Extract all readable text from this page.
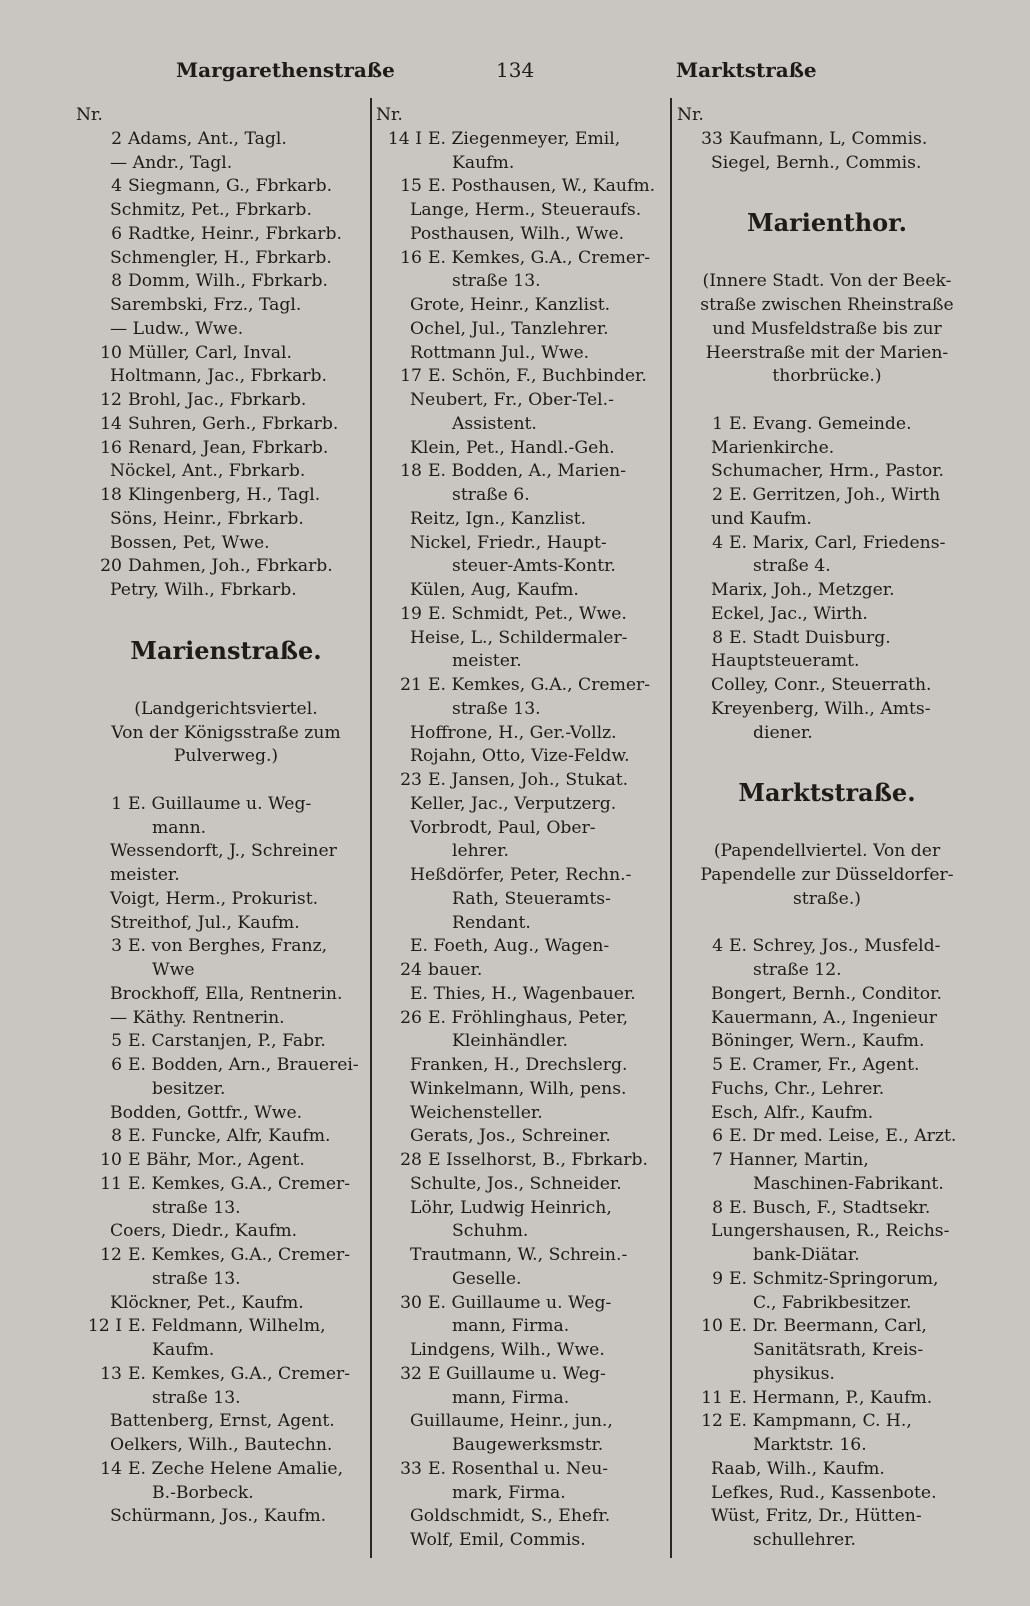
Margarethenstraße	134	Marktstraße
Nr.
2 Adams, Ant., Tagl.
— Andr., Tagl.
4 Siegmann, G., Fbrkarb.
Schmitz, Pet., Fbrkarb.
6 Radtke, Heinr., Fbrkarb.
Schmengler, H., Fbrkarb.
8 Domm, Wilh., Fbrkarb.
Sarembski, Frz., Tagl.
— Ludw., Wwe.
10 Müller, Carl, Inval.
Holtmann, Jac., Fbrkarb.
12 Brohl, Jac., Fbrkarb.
14 Suhren, Gerh., Fbrkarb.
16 Renard, Jean, Fbrkarb.
Nöckel, Ant., Fbrkarb.
18 Klingenberg, H., Tagl.
Söns, Heinr., Fbrkarb.
Bossen, Pet, Wwe.
20 Dahmen, Joh., Fbrkarb.
Petry, Wilh., Fbrkarb.
Marienstraße.
(Landgerichtsviertel.
Von der Königsstraße zum
Pulverweg.)
1 E. Guillaume u. Weg-
mann.
Wessendorft, J., Schreiner
meister.
Voigt, Herm., Prokurist.
Streithof, Jul., Kaufm.
3 E. von Berghes, Franz,
Wwe
Brockhoff, Ella, Rentnerin.
— Käthy. Rentnerin.
5 E. Carstanjen, P., Fabr.
6 E. Bodden, Arn., Brauerei-
besitzer.
Bodden, Gottfr., Wwe.
8 E. Funcke, Alfr, Kaufm.
10 E Bähr, Mor., Agent.
11 E. Kemkes, G.A., Cremer-
straße 13.
Coers, Diedr., Kaufm.
12 E. Kemkes, G.A., Cremer-
straße 13.
Klöckner, Pet., Kaufm.
12 I E. Feldmann, Wilhelm,
Kaufm.
13 E. Kemkes, G.A., Cremer-
straße 13.
Battenberg, Ernst, Agent.
Oelkers, Wilh., Bautechn.
14 E. Zeche Helene Amalie,
B.-Borbeck.
Schürmann, Jos., Kaufm.
Nr.
14 I E. Ziegenmeyer, Emil,
Kaufm.
15 E. Posthausen, W., Kaufm.
Lange, Herm., Steueraufs.
Posthausen, Wilh., Wwe.
16 E. Kemkes, G.A., Cremer-
straße 13.
Grote, Heinr., Kanzlist.
Ochel, Jul., Tanzlehrer.
Rottmann Jul., Wwe.
17 E. Schön, F., Buchbinder.
Neubert, Fr., Ober-Tel.-
Assistent.
Klein, Pet., Handl.-Geh.
18 E. Bodden, A., Marien-
straße 6.
Reitz, Ign., Kanzlist.
Nickel, Friedr., Haupt-
steuer-Amts-Kontr.
Külen, Aug, Kaufm.
19 E. Schmidt, Pet., Wwe.
Heise, L., Schildermaler-
meister.
21 E. Kemkes, G.A., Cremer-
straße 13.
Hoffrone, H., Ger.-Vollz.
Rojahn, Otto, Vize-Feldw.
23 E. Jansen, Joh., Stukat.
Keller, Jac., Verputzerg.
Vorbrodt, Paul, Ober-
lehrer.
Heßdörfer, Peter, Rechn.-
Rath, Steueramts-
Rendant.
E. Foeth, Aug., Wagen-
24 bauer.
E. Thies, H., Wagenbauer.
26 E. Fröhlinghaus, Peter,
Kleinhändler.
Franken, H., Drechslerg.
Winkelmann, Wilh, pens.
Weichensteller.
Gerats, Jos., Schreiner.
28 E Isselhorst, B., Fbrkarb.
Schulte, Jos., Schneider.
Löhr, Ludwig Heinrich,
Schuhm.
Trautmann, W., Schrein.-
Geselle.
30 E. Guillaume u. Weg-
mann, Firma.
Lindgens, Wilh., Wwe.
32 E Guillaume u. Weg-
mann, Firma.
Guillaume, Heinr., jun.,
Baugewerksmstr.
33 E. Rosenthal u. Neu-
mark, Firma.
Goldschmidt, S., Ehefr.
Wolf, Emil, Commis.
Nr.
33 Kaufmann, L, Commis.
Siegel, Bernh., Commis.
Marienthor.
(Innere Stadt. Von der Beek-
straße zwischen Rheinstraße
und Musfeldstraße bis zur
Heerstraße mit der Marien-
thorbrücke.)
1 E. Evang. Gemeinde.
Marienkirche.
Schumacher, Hrm., Pastor.
2 E. Gerritzen, Joh., Wirth
und Kaufm.
4 E. Marix, Carl, Friedens-
straße 4.
Marix, Joh., Metzger.
Eckel, Jac., Wirth.
8 E. Stadt Duisburg.
Hauptsteueramt.
Colley, Conr., Steuerrath.
Kreyenberg, Wilh., Amts-
diener.
Marktstraße.
(Papendellviertel. Von der
Papendelle zur Düsseldorfer-
straße.)
4 E. Schrey, Jos., Musfeld-
straße 12.
Bongert, Bernh., Conditor.
Kauermann, A., Ingenieur
Böninger, Wern., Kaufm.
5 E. Cramer, Fr., Agent.
Fuchs, Chr., Lehrer.
Esch, Alfr., Kaufm.
6 E. Dr med. Leise, E., Arzt.
7 Hanner, Martin,
Maschinen-Fabrikant.
8 E. Busch, F., Stadtsekr.
Lungershausen, R., Reichs-
bank-Diätar.
9 E. Schmitz-Springorum,
C., Fabrikbesitzer.
10 E. Dr. Beermann, Carl,
Sanitätsrath, Kreis-
physikus.
11 E. Hermann, P., Kaufm.
12 E. Kampmann, C. H.,
Marktstr. 16.
Raab, Wilh., Kaufm.
Lefkes, Rud., Kassenbote.
Wüst, Fritz, Dr., Hütten-
schullehrer.
